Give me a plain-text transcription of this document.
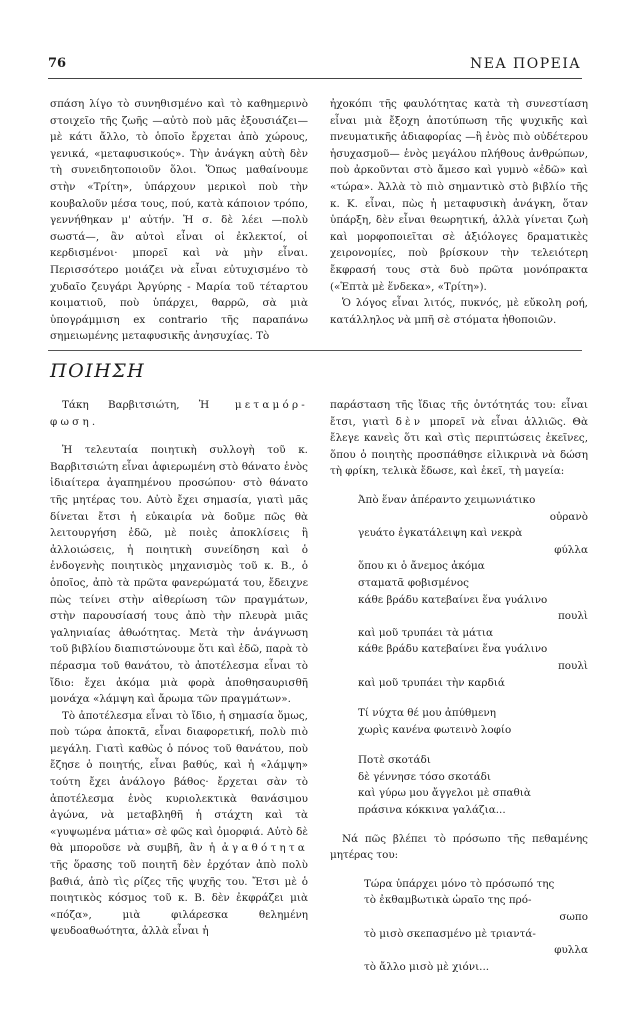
76	ΝΕΑ ΠΟΡΕΙΑ

σπάση λίγο τὸ συνηθισμένο καὶ τὸ καθημερινὸ στοιχεῖο τῆς ζωῆς —αὐτὸ ποὺ μᾶς ἐξουσιάζει— μὲ κάτι ἄλλο, τὸ ὁποῖο ἔρχεται ἀπὸ χώρους, γενικά, «μεταφυσικούς». Τὴν ἀνάγκη αὐτὴ δὲν τὴ συνειδητοποιοῦν ὅλοι. Ὅπως μαθαίνουμε στὴν «Τρίτη», ὑπάρχουν μερικοὶ ποὺ τὴν κουβαλοῦν μέσα τους, πού, κατὰ κάποιον τρόπο, γεννήθηκαν μ' αὐτήν. Ἡ σ. δὲ λέει —πολὺ σωστά—, ἂν αὐτοὶ εἶναι οἱ ἐκλεκτοί, οἱ κερδισμένοι· μπορεῖ καὶ νὰ μὴν εἶναι. Περισσότερο μοιάζει νὰ εἶναι εὐτυχισμένο τὸ χυδαῖο ζευγάρι Ἀργύρης - Μαρία τοῦ τέταρτου κοιματιοῦ, ποὺ ὑπάρχει, θαρρῶ, σὰ μιὰ ὑπογράμμιση ex contrario τῆς παραπάνω σημειωμένης μεταφυσικῆς ἀνησυχίας. Τὸ

ἠχοκόπι τῆς φαυλότητας κατὰ τὴ συνεστίαση εἶναι μιὰ ἔξοχη ἀποτύπωση τῆς ψυχικῆς καὶ πνευματικῆς ἀδιαφορίας —ἢ ἑνὸς πιὸ οὐδέτερου ἡσυχασμοῦ— ἑνὸς μεγάλου πλήθους ἀνθρώπων, ποὺ ἀρκοῦνται στὸ ἄμεσο καὶ γυμνὸ «ἐδῶ» καὶ «τώρα». Ἀλλὰ τὸ πιὸ σημαντικὸ στὸ βιβλίο τῆς κ. Κ. εἶναι, πὼς ἡ μεταφυσικὴ ἀνάγκη, ὅταν ὑπάρξη, δὲν εἶναι θεωρητική, ἀλλὰ γίνεται ζωὴ καὶ μορφοποιεῖται σὲ ἀξιόλογες δραματικὲς χειρονομίες, ποὺ βρίσκουν τὴν τελειότερη ἔκφρασή τους στὰ δυὸ πρῶτα μονόπρακτα («Ἑπτὰ μὲ ἕνδεκα», «Τρίτη»).

Ὁ λόγος εἶναι λιτός, πυκνός, μὲ εὔκολη ροή, κατάλληλος νὰ μπῆ σὲ στόματα ἠθοποιῶν.

ΠΟΙΗΣΗ

Τάκη Βαρβιτσιώτη, Ἡ μεταμόρ- φωση.

Ἡ τελευταία ποιητικὴ συλλογὴ τοῦ κ. Βαρβιτσιώτη εἶναι ἀφιερωμένη στὸ θάνατο ἑνὸς ἰδιαίτερα ἀγαπημένου προσώπου· στὸ θάνατο τῆς μητέρας του. Αὐτὸ ἔχει σημασία, γιατὶ μᾶς δίνεται ἔτσι ἡ εὐκαιρία νὰ δοῦμε πῶς θὰ λειτουργήση ἐδῶ, μὲ ποιὲς ἀποκλίσεις ἢ ἀλλοιώσεις, ἡ ποιητικὴ συνείδηση καὶ ὁ ἐνδογενὴς ποιητικὸς μηχανισμὸς τοῦ κ. Β., ὁ ὁποῖος, ἀπὸ τὰ πρῶτα φανερώματά του, ἔδειχνε πὼς τείνει στὴν αἰθερίωση τῶν πραγμάτων, στὴν παρουσίασή τους ἀπὸ τὴν πλευρὰ μιᾶς γαληνιαίας ἀθωότητας. Μετὰ τὴν ἀνάγνωση τοῦ βιβλίου διαπιστώνουμε ὅτι καὶ ἐδῶ, παρὰ τὸ πέρασμα τοῦ θανάτου, τὸ ἀποτέλεσμα εἶναι τὸ ἴδιο: ἔχει ἀκόμα μιὰ φορὰ ἀποθησαυρισθῆ μονάχα «λάμψη καὶ ἄρωμα τῶν πραγμάτων».

Τὸ ἀποτέλεσμα εἶναι τὸ ἴδιο, ἡ σημασία ὅμως, ποὺ τώρα ἀποκτᾶ, εἶναι διαφορετική, πολὺ πιὸ μεγάλη. Γιατὶ καθὼς ὁ πόνος τοῦ θανάτου, ποὺ ἔζησε ὁ ποιητής, εἶναι βαθύς, καὶ ἡ «λάμψη» τούτη ἔχει ἀνάλογο βάθος· ἔρχεται σὰν τὸ ἀποτέλεσμα ἑνὸς κυριολεκτικὰ θανάσιμου ἀγώνα, νὰ μεταβληθῆ ἡ στάχτη καὶ τὰ «γυψωμένα μάτια» σὲ φῶς καὶ ὀμορφιά. Αὐτὸ δὲ θὰ μποροῦσε νὰ συμβῆ, ἂν ἡ ἀγαθότητα τῆς ὅρασης τοῦ ποιητῆ δὲν ἐρχόταν ἀπὸ πολὺ βαθιά, ἀπὸ τὶς ρίζες τῆς ψυχῆς του. Ἔτσι μὲ ὁ ποιητικὸς κόσμος τοῦ κ. Β. δὲν ἐκφράζει μιὰ «πόζα», μιὰ φιλάρεσκα θελημένη ψευδοαθωότητα, ἀλλὰ εἶναι ἡ

παράσταση τῆς ἴδιας τῆς ὀντότητάς του: εἶναι ἔτσι, γιατὶ δὲν μπορεῖ νὰ εἶναι ἀλλιῶς. Θὰ ἔλεγε κανεὶς ὅτι καὶ στὶς περιπτώσεις ἐκεῖνες, ὅπου ὁ ποιητὴς προσπάθησε εἰλικρινὰ νὰ δώση τὴ φρίκη, τελικὰ ἔδωσε, καὶ ἐκεῖ, τὴ μαγεία:

Ἀπὸ ἕναν ἀπέραντο χειμωνιάτικο
οὐρανὸ
γευάτο ἐγκατάλειψη καὶ νεκρὰ
φύλλα
ὅπου κι ὁ ἄνεμος ἀκόμα
σταματᾶ φοβισμένος
κάθε βράδυ κατεβαίνει ἕνα γυάλινο
πουλὶ
καὶ μοῦ τρυπάει τὰ μάτια
κάθε βράδυ κατεβαίνει ἕνα γυάλινο
πουλὶ
καὶ μοῦ τρυπάει τὴν καρδιά
Τί νύχτα θέ μου ἀπύθμενη
χωρὶς κανένα φωτεινὸ λοφίο
Ποτὲ σκοτάδι
δὲ γέννησε τόσο σκοτάδι
καὶ γύρω μου ἄγγελοι μὲ σπαθιὰ
πράσινα κόκκινα γαλάζια...

Νά πῶς βλέπει τὸ πρόσωπο τῆς πεθαμένης μητέρας του:

Τώρα ὑπάρχει μόνο τὸ πρόσωπό της
τὸ ἐκθαμβωτικὰ ὡραῖο της πρό-
σωπο
τὸ μισὸ σκεπασμένο μὲ τριαντά-
φυλλα
τὸ ἄλλο μισὸ μὲ χιόνι...
